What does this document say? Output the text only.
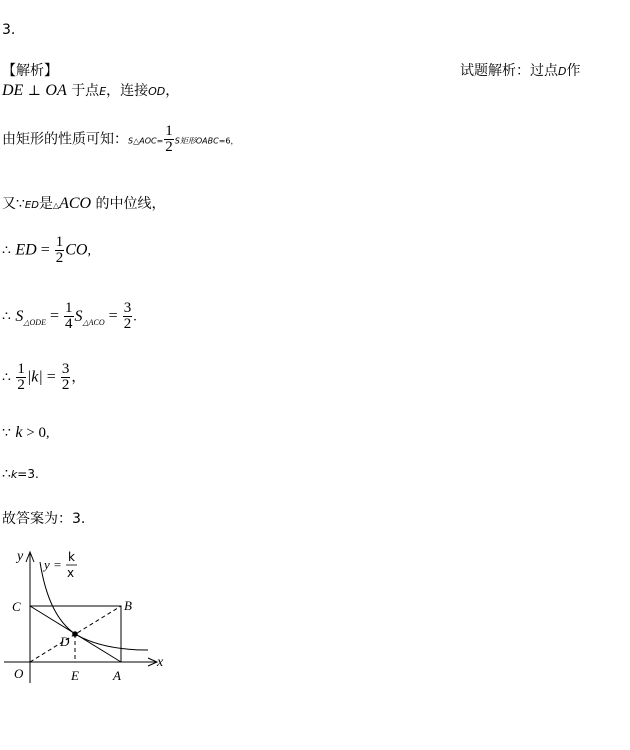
3.
【解析】	试题解析：过点D作
DE ⊥ OA 于点E，连接OD，
由矩形的性质可知：S△AOC= $\frac{1}{2}$ S矩形OABC=6，
又∵ED是△ACO 的中位线，
∴ ED = $\frac{1}{2}$ CO,
∴ $S_{\triangle ODE} = \frac{1}{4} S_{\triangle ACO} = \frac{3}{2}$ .
∴ $\frac{1}{2} |k| = \frac{3}{2}$ ，
∵ k > 0,
∴k=3.
故答案为：3.
y
x
y = k
x
C	B
D
O	E	A
